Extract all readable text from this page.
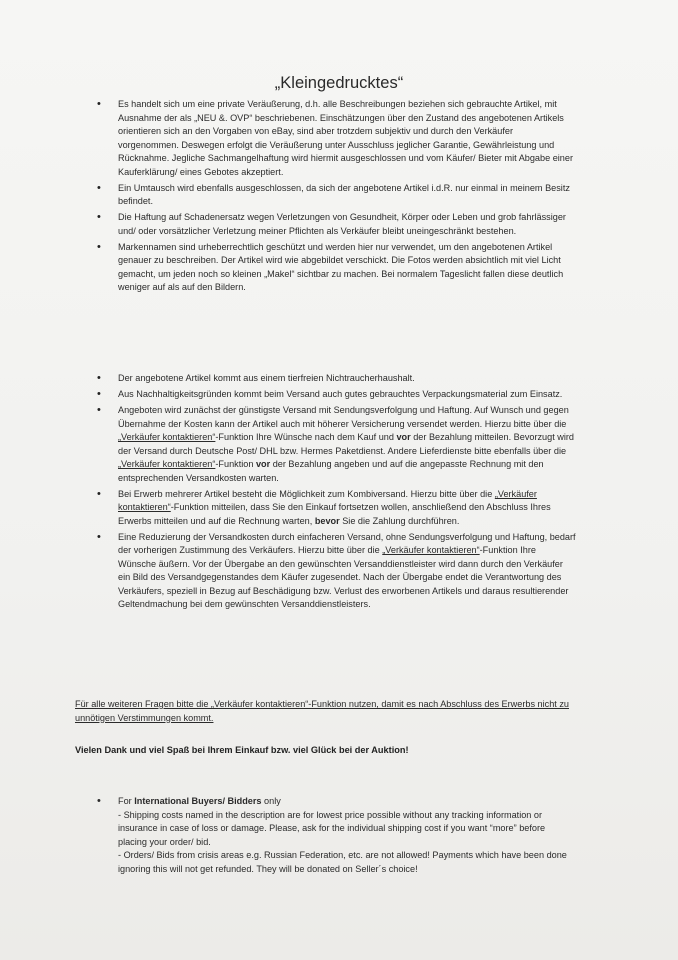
„Kleingedrucktes“
• Es handelt sich um eine private Veräußerung, d.h. alle Beschreibungen beziehen sich gebrauchte Artikel, mit Ausnahme der als „NEU &. OVP“ beschriebenen. Einschätzungen über den Zustand des angebotenen Artikels orientieren sich an den Vorgaben von eBay, sind aber trotzdem subjektiv und durch den Verkäufer vorgenommen. Deswegen erfolgt die Veräußerung unter Ausschluss jeglicher Garantie, Gewährleistung und Rücknahme. Jegliche Sachmangelhaftung wird hiermit ausgeschlossen und vom Käufer/ Bieter mit Abgabe einer Kauferklärung/ eines Gebotes akzeptiert.
• Ein Umtausch wird ebenfalls ausgeschlossen, da sich der angebotene Artikel i.d.R. nur einmal in meinem Besitz befindet.
• Die Haftung auf Schadenersatz wegen Verletzungen von Gesundheit, Körper oder Leben und grob fahrlässiger und/ oder vorsätzlicher Verletzung meiner Pflichten als Verkäufer bleibt uneingeschränkt bestehen.
• Markennamen sind urheberrechtlich geschützt und werden hier nur verwendet, um den angebotenen Artikel genauer zu beschreiben. Der Artikel wird wie abgebildet verschickt. Die Fotos werden absichtlich mit viel Licht gemacht, um jeden noch so kleinen „Makel“ sichtbar zu machen. Bei normalem Tageslicht fallen diese deutlich weniger auf als auf den Bildern.
• Der angebotene Artikel kommt aus einem tierfreien Nichtraucherhaushalt.
• Aus Nachhaltigkeitsgründen kommt beim Versand auch gutes gebrauchtes Verpackungsmaterial zum Einsatz.
• Angeboten wird zunächst der günstigste Versand mit Sendungsverfolgung und Haftung. Auf Wunsch und gegen Übernahme der Kosten kann der Artikel auch mit höherer Versicherung versendet werden. Hierzu bitte über die „Verkäufer kontaktieren“-Funktion Ihre Wünsche nach dem Kauf und vor der Bezahlung mitteilen. Bevorzugt wird der Versand durch Deutsche Post/ DHL bzw. Hermes Paketdienst. Andere Lieferdienste bitte ebenfalls über die „Verkäufer kontaktieren“-Funktion vor der Bezahlung angeben und auf die angepasste Rechnung mit den entsprechenden Versandkosten warten.
• Bei Erwerb mehrerer Artikel besteht die Möglichkeit zum Kombiversand. Hierzu bitte über die „Verkäufer kontaktieren“-Funktion mitteilen, dass Sie den Einkauf fortsetzen wollen, anschließend den Abschluss Ihres Erwerbs mitteilen und auf die Rechnung warten, bevor Sie die Zahlung durchführen.
• Eine Reduzierung der Versandkosten durch einfacheren Versand, ohne Sendungsverfolgung und Haftung, bedarf der vorherigen Zustimmung des Verkäufers. Hierzu bitte über die „Verkäufer kontaktieren“-Funktion Ihre Wünsche äußern. Vor der Übergabe an den gewünschten Versanddienstleister wird dann durch den Verkäufer ein Bild des Versandgegenstandes dem Käufer zugesendet. Nach der Übergabe endet die Verantwortung des Verkäufers, speziell in Bezug auf Beschädigung bzw. Verlust des erworbenen Artikels und daraus resultierender Geltendmachung bei dem gewünschten Versanddienstleisters.
Für alle weiteren Fragen bitte die „Verkäufer kontaktieren“-Funktion nutzen, damit es nach Abschluss des Erwerbs nicht zu unnötigen Verstimmungen kommt.
Vielen Dank und viel Spaß bei Ihrem Einkauf bzw. viel Glück bei der Auktion!
• For International Buyers/ Bidders only
- Shipping costs named in the description are for lowest price possible without any tracking information or insurance in case of loss or damage. Please, ask for the individual shipping cost if you want “more” before placing your order/ bid.
- Orders/ Bids from crisis areas e.g. Russian Federation, etc. are not allowed! Payments which have been done ignoring this will not get refunded. They will be donated on Seller´s choice!
